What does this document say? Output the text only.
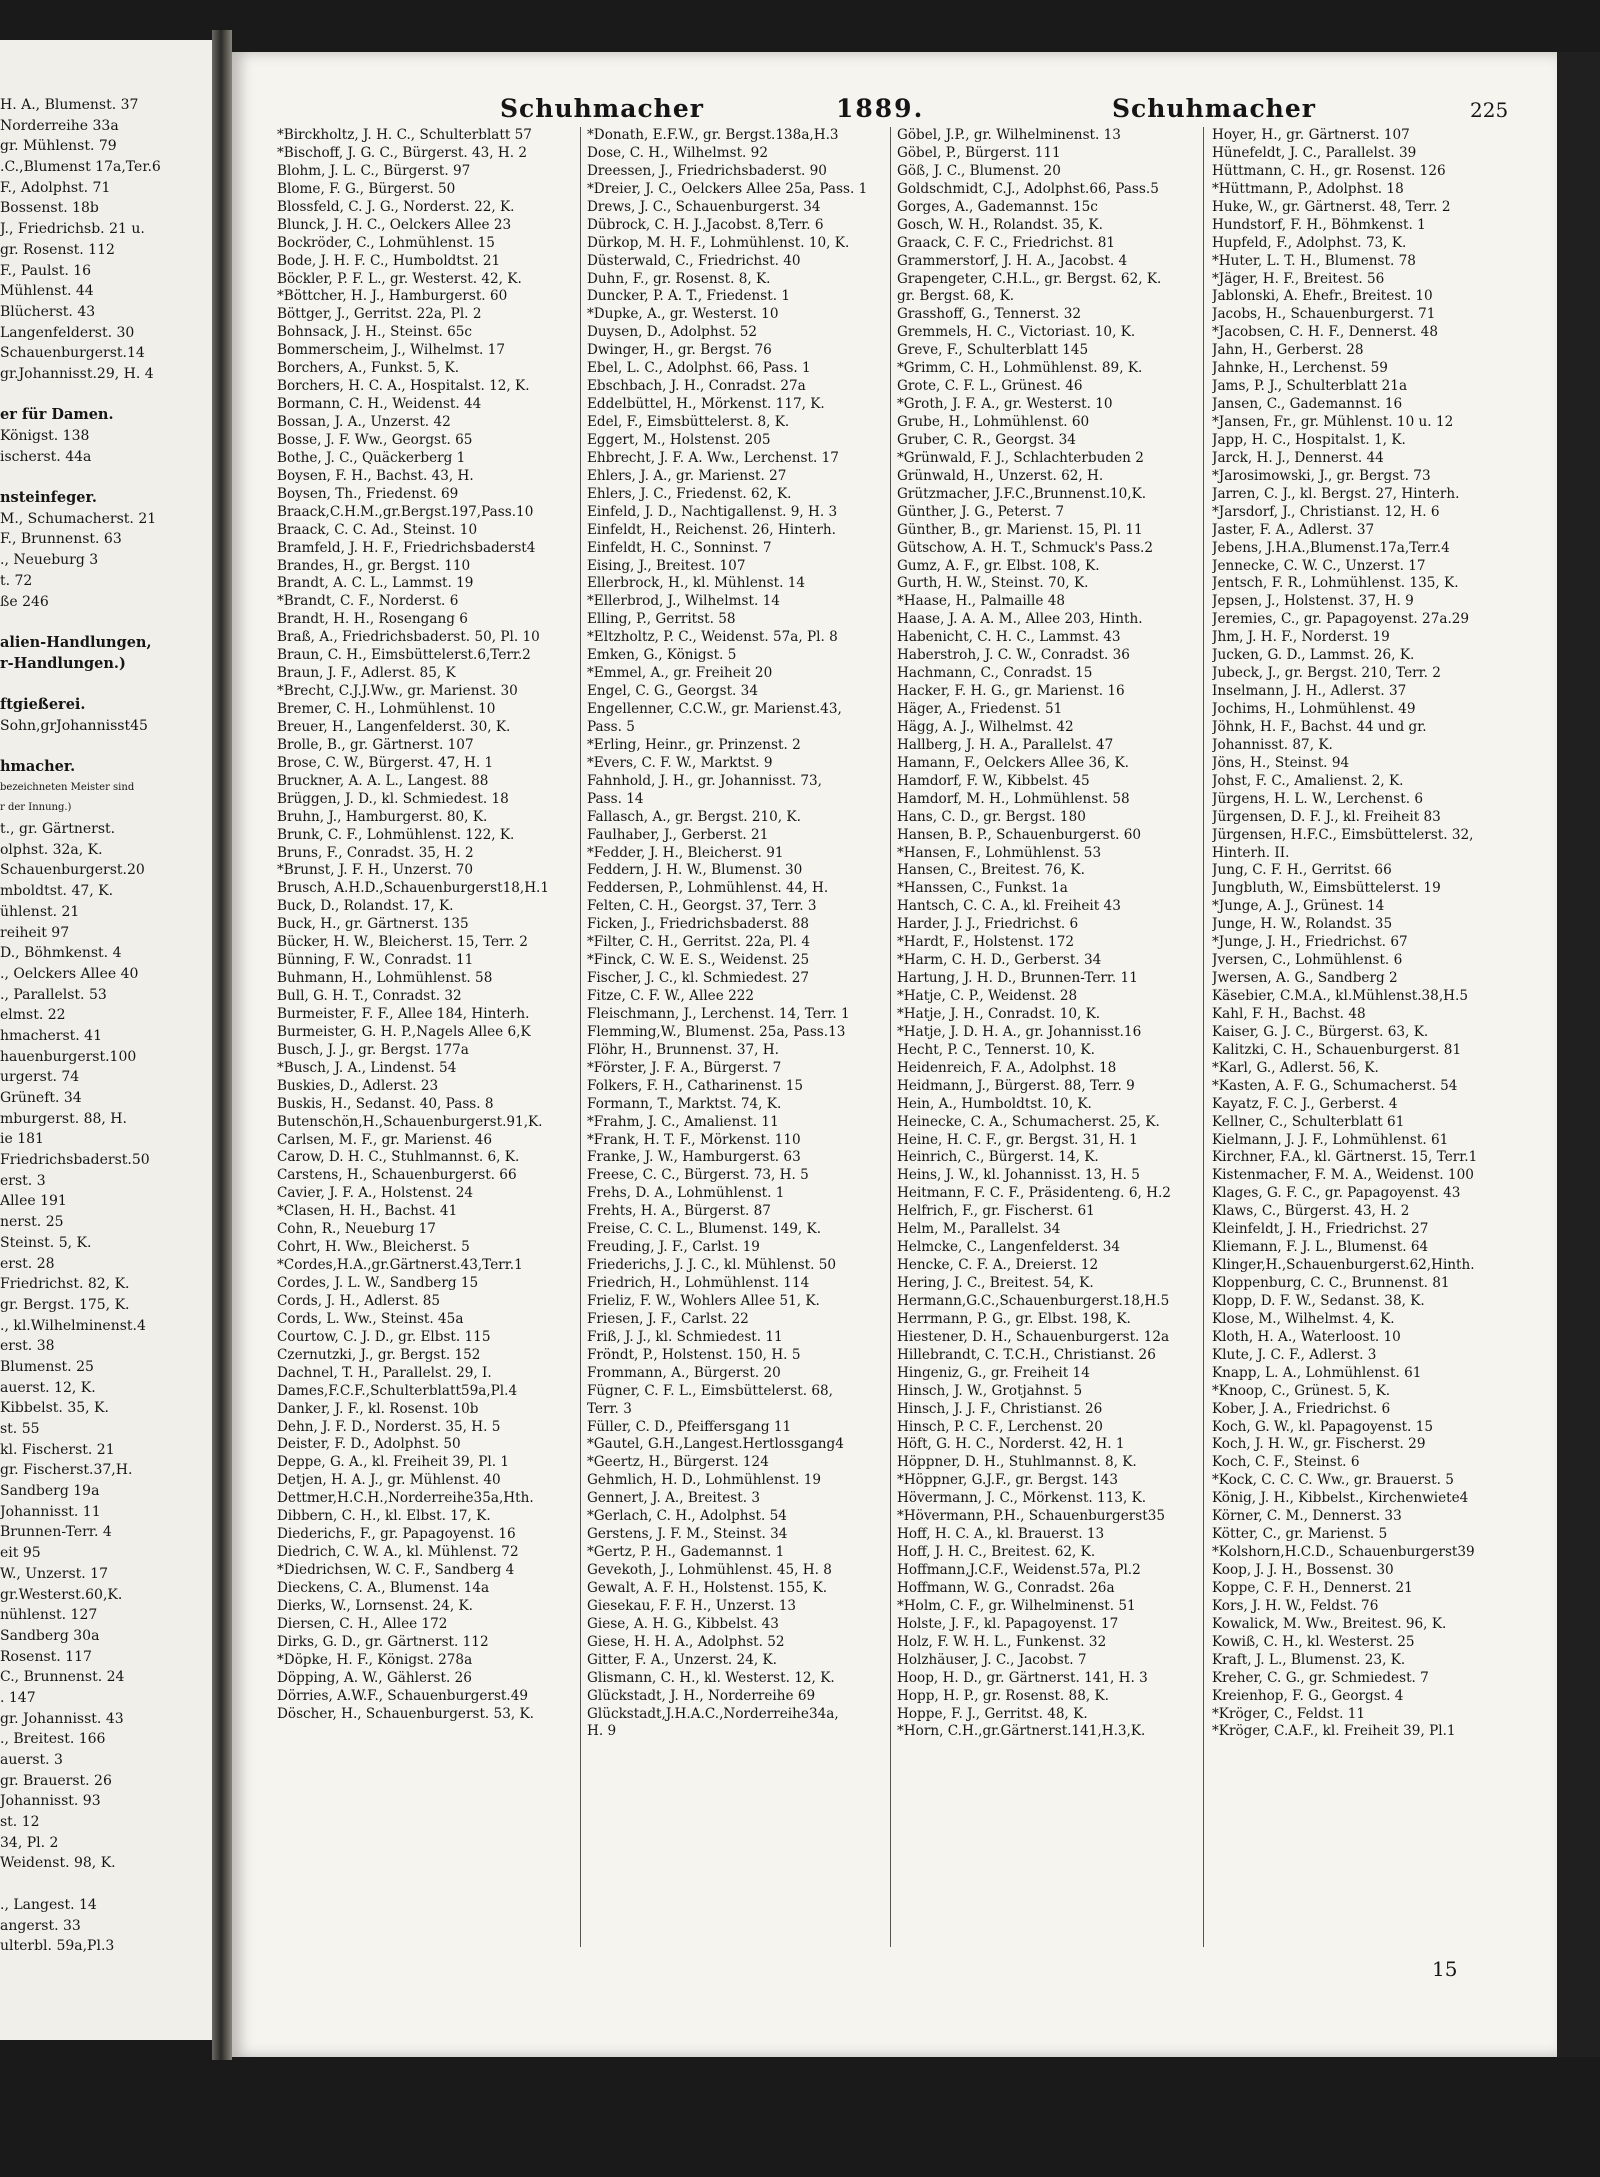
H. A., Blumenst. 37
Norderreihe 33a
gr. Mühlenst. 79
.C.,Blumenst 17a,Ter.6
F., Adolphst. 71
Bossenst. 18b
J., Friedrichsb. 21 u.
gr. Rosenst. 112
F., Paulst. 16
Mühlenst. 44
Blücherst. 43
Langenfelderst. 30
Schauenburgerst.14
gr.Johannisst.29, H. 4
er für Damen.
Königst. 138
ischerst. 44a
nsteinfeger.
M., Schumacherst. 21
F., Brunnenst. 63
., Neueburg 3
t. 72
ße 246
alien-Handlungen,
r-Handlungen.)
ftgießerei.
Sohn,grJohannisst45
hmacher.
bezeichneten Meister sind
r der Innung.)
t., gr. Gärtnerst.
olphst. 32a, K.
Schauenburgerst.20
mboldtst. 47, K.
ühlenst. 21
reiheit 97
D., Böhmkenst. 4
., Oelckers Allee 40
., Parallelst. 53
elmst. 22
hmacherst. 41
hauenburgerst.100
urgerst. 74
Grüneft. 34
mburgerst. 88, H.
ie 181
Friedrichsbaderst.50
erst. 3
Allee 191
nerst. 25
Steinst. 5, K.
erst. 28
Friedrichst. 82, K.
gr. Bergst. 175, K.
., kl.Wilhelminenst.4
erst. 38
Blumenst. 25
auerst. 12, K.
Kibbelst. 35, K.
st. 55
kl. Fischerst. 21
gr. Fischerst.37,H.
Sandberg 19a
Johannisst. 11
Brunnen-Terr. 4
eit 95
W., Unzerst. 17
gr.Westerst.60,K.
nühlenst. 127
Sandberg 30a
Rosenst. 117
C., Brunnenst. 24
. 147
gr. Johannisst. 43
., Breitest. 166
auerst. 3
gr. Brauerst. 26
Johannisst. 93
st. 12
34, Pl. 2
Weidenst. 98, K.
., Langest. 14
angerst. 33
ulterbl. 59a,Pl.3
Schuhmacher	1889.	Schuhmacher	225
*Birckholtz, J. H. C., Schulterblatt 57
*Bischoff, J. G. C., Bürgerst. 43, H. 2
Blohm, J. L. C., Bürgerst. 97
Blome, F. G., Bürgerst. 50
Blossfeld, C. J. G., Norderst. 22, K.
Blunck, J. H. C., Oelckers Allee 23
Bockröder, C., Lohmühlenst. 15
Bode, J. H. F. C., Humboldtst. 21
Böckler, P. F. L., gr. Westerst. 42, K.
*Böttcher, H. J., Hamburgerst. 60
Böttger, J., Gerritst. 22a, Pl. 2
Bohnsack, J. H., Steinst. 65c
Bommerscheim, J., Wilhelmst. 17
Borchers, A., Funkst. 5, K.
Borchers, H. C. A., Hospitalst. 12, K.
Bormann, C. H., Weidenst. 44
Bossan, J. A., Unzerst. 42
Bosse, J. F. Ww., Georgst. 65
Bothe, J. C., Quäckerberg 1
Boysen, F. H., Bachst. 43, H.
Boysen, Th., Friedenst. 69
Braack,C.H.M.,gr.Bergst.197,Pass.10
Braack, C. C. Ad., Steinst. 10
Bramfeld, J. H. F., Friedrichsbaderst4
Brandes, H., gr. Bergst. 110
Brandt, A. C. L., Lammst. 19
*Brandt, C. F., Norderst. 6
Brandt, H. H., Rosengang 6
Braß, A., Friedrichsbaderst. 50, Pl. 10
Braun, C. H., Eimsbüttelerst.6,Terr.2
Braun, J. F., Adlerst. 85, K
*Brecht, C.J.J.Ww., gr. Marienst. 30
Bremer, C. H., Lohmühlenst. 10
Breuer, H., Langenfelderst. 30, K.
Brolle, B., gr. Gärtnerst. 107
Brose, C. W., Bürgerst. 47, H. 1
Bruckner, A. A. L., Langest. 88
Brüggen, J. D., kl. Schmiedest. 18
Bruhn, J., Hamburgerst. 80, K.
Brunk, C. F., Lohmühlenst. 122, K.
Bruns, F., Conradst. 35, H. 2
*Brunst, J. F. H., Unzerst. 70
Brusch, A.H.D.,Schauenburgerst18,H.1
Buck, D., Rolandst. 17, K.
Buck, H., gr. Gärtnerst. 135
Bücker, H. W., Bleicherst. 15, Terr. 2
Bünning, F. W., Conradst. 11
Buhmann, H., Lohmühlenst. 58
Bull, G. H. T., Conradst. 32
Burmeister, F. F., Allee 184, Hinterh.
Burmeister, G. H. P.,Nagels Allee 6,K
Busch, J. J., gr. Bergst. 177a
*Busch, J. A., Lindenst. 54
Buskies, D., Adlerst. 23
Buskis, H., Sedanst. 40, Pass. 8
Butenschön,H.,Schauenburgerst.91,K.
Carlsen, M. F., gr. Marienst. 46
Carow, D. H. C., Stuhlmannst. 6, K.
Carstens, H., Schauenburgerst. 66
Cavier, J. F. A., Holstenst. 24
*Clasen, H. H., Bachst. 41
Cohn, R., Neueburg 17
Cohrt, H. Ww., Bleicherst. 5
*Cordes,H.A.,gr.Gärtnerst.43,Terr.1
Cordes, J. L. W., Sandberg 15
Cords, J. H., Adlerst. 85
Cords, L. Ww., Steinst. 45a
Courtow, C. J. D., gr. Elbst. 115
Czernutzki, J., gr. Bergst. 152
Dachnel, T. H., Parallelst. 29, I.
Dames,F.C.F.,Schulterblatt59a,Pl.4
Danker, J. F., kl. Rosenst. 10b
Dehn, J. F. D., Norderst. 35, H. 5
Deister, F. D., Adolphst. 50
Deppe, G. A., kl. Freiheit 39, Pl. 1
Detjen, H. A. J., gr. Mühlenst. 40
Dettmer,H.C.H.,Norderreihe35a,Hth.
Dibbern, C. H., kl. Elbst. 17, K.
Diederichs, F., gr. Papagoyenst. 16
Diedrich, C. W. A., kl. Mühlenst. 72
*Diedrichsen, W. C. F., Sandberg 4
Dieckens, C. A., Blumenst. 14a
Dierks, W., Lornsenst. 24, K.
Diersen, C. H., Allee 172
Dirks, G. D., gr. Gärtnerst. 112
*Döpke, H. F., Königst. 278a
Döpping, A. W., Gählerst. 26
Dörries, A.W.F., Schauenburgerst.49
Döscher, H., Schauenburgerst. 53, K.
*Donath, E.F.W., gr. Bergst.138a,H.3
Dose, C. H., Wilhelmst. 92
Dreessen, J., Friedrichsbaderst. 90
*Dreier, J. C., Oelckers Allee 25a, Pass. 1
Drews, J. C., Schauenburgerst. 34
Dübrock, C. H. J.,Jacobst. 8,Terr. 6
Dürkop, M. H. F., Lohmühlenst. 10, K.
Düsterwald, C., Friedrichst. 40
Duhn, F., gr. Rosenst. 8, K.
Duncker, P. A. T., Friedenst. 1
*Dupke, A., gr. Westerst. 10
Duysen, D., Adolphst. 52
Dwinger, H., gr. Bergst. 76
Ebel, L. C., Adolphst. 66, Pass. 1
Ebschbach, J. H., Conradst. 27a
Eddelbüttel, H., Mörkenst. 117, K.
Edel, F., Eimsbüttelerst. 8, K.
Eggert, M., Holstenst. 205
Ehbrecht, J. F. A. Ww., Lerchenst. 17
Ehlers, J. A., gr. Marienst. 27
Ehlers, J. C., Friedenst. 62, K.
Einfeld, J. D., Nachtigallenst. 9, H. 3
Einfeldt, H., Reichenst. 26, Hinterh.
Einfeldt, H. C., Sonninst. 7
Eising, J., Breitest. 107
Ellerbrock, H., kl. Mühlenst. 14
*Ellerbrod, J., Wilhelmst. 14
Elling, P., Gerritst. 58
*Eltzholtz, P. C., Weidenst. 57a, Pl. 8
Emken, G., Königst. 5
*Emmel, A., gr. Freiheit 20
Engel, C. G., Georgst. 34
Engellenner, C.C.W., gr. Marienst.43,
Pass. 5
*Erling, Heinr., gr. Prinzenst. 2
*Evers, C. F. W., Marktst. 9
Fahnhold, J. H., gr. Johannisst. 73,
Pass. 14
Fallasch, A., gr. Bergst. 210, K.
Faulhaber, J., Gerberst. 21
*Fedder, J. H., Bleicherst. 91
Feddern, J. H. W., Blumenst. 30
Feddersen, P., Lohmühlenst. 44, H.
Felten, C. H., Georgst. 37, Terr. 3
Ficken, J., Friedrichsbaderst. 88
*Filter, C. H., Gerritst. 22a, Pl. 4
*Finck, C. W. E. S., Weidenst. 25
Fischer, J. C., kl. Schmiedest. 27
Fitze, C. F. W., Allee 222
Fleischmann, J., Lerchenst. 14, Terr. 1
Flemming,W., Blumenst. 25a, Pass.13
Flöhr, H., Brunnenst. 37, H.
*Förster, J. F. A., Bürgerst. 7
Folkers, F. H., Catharinenst. 15
Formann, T., Marktst. 74, K.
*Frahm, J. C., Amalienst. 11
*Frank, H. T. F., Mörkenst. 110
Franke, J. W., Hamburgerst. 63
Freese, C. C., Bürgerst. 73, H. 5
Frehs, D. A., Lohmühlenst. 1
Frehts, H. A., Bürgerst. 87
Freise, C. C. L., Blumenst. 149, K.
Freuding, J. F., Carlst. 19
Friederichs, J. J. C., kl. Mühlenst. 50
Friedrich, H., Lohmühlenst. 114
Frieliz, F. W., Wohlers Allee 51, K.
Friesen, J. F., Carlst. 22
Friß, J. J., kl. Schmiedest. 11
Fröndt, P., Holstenst. 150, H. 5
Frommann, A., Bürgerst. 20
Fügner, C. F. L., Eimsbüttelerst. 68,
Terr. 3
Füller, C. D., Pfeiffersgang 11
*Gautel, G.H.,Langest.Hertlossgang4
*Geertz, H., Bürgerst. 124
Gehmlich, H. D., Lohmühlenst. 19
Gennert, J. A., Breitest. 3
*Gerlach, C. H., Adolphst. 54
Gerstens, J. F. M., Steinst. 34
*Gertz, P. H., Gademannst. 1
Gevekoth, J., Lohmühlenst. 45, H. 8
Gewalt, A. F. H., Holstenst. 155, K.
Giesekau, F. F. H., Unzerst. 13
Giese, A. H. G., Kibbelst. 43
Giese, H. H. A., Adolphst. 52
Gitter, F. A., Unzerst. 24, K.
Glismann, C. H., kl. Westerst. 12, K.
Glückstadt, J. H., Norderreihe 69
Glückstadt,J.H.A.C.,Norderreihe34a,
H. 9
Göbel, J.P., gr. Wilhelminenst. 13
Göbel, P., Bürgerst. 111
Göß, J. C., Blumenst. 20
Goldschmidt, C.J., Adolphst.66, Pass.5
Gorges, A., Gademannst. 15c
Gosch, W. H., Rolandst. 35, K.
Graack, C. F. C., Friedrichst. 81
Grammerstorf, J. H. A., Jacobst. 4
Grapengeter, C.H.L., gr. Bergst. 62, K.
gr. Bergst. 68, K.
Grasshoff, G., Tennerst. 32
Gremmels, H. C., Victoriast. 10, K.
Greve, F., Schulterblatt 145
*Grimm, C. H., Lohmühlenst. 89, K.
Grote, C. F. L., Grünest. 46
*Groth, J. F. A., gr. Westerst. 10
Grube, H., Lohmühlenst. 60
Gruber, C. R., Georgst. 34
*Grünwald, F. J., Schlachterbuden 2
Grünwald, H., Unzerst. 62, H.
Grützmacher, J.F.C.,Brunnenst.10,K.
Günther, J. G., Peterst. 7
Günther, B., gr. Marienst. 15, Pl. 11
Gütschow, A. H. T., Schmuck's Pass.2
Gumz, A. F., gr. Elbst. 108, K.
Gurth, H. W., Steinst. 70, K.
*Haase, H., Palmaille 48
Haase, J. A. A. M., Allee 203, Hinth.
Habenicht, C. H. C., Lammst. 43
Haberstroh, J. C. W., Conradst. 36
Hachmann, C., Conradst. 15
Hacker, F. H. G., gr. Marienst. 16
Häger, A., Friedenst. 51
Hägg, A. J., Wilhelmst. 42
Hallberg, J. H. A., Parallelst. 47
Hamann, F., Oelckers Allee 36, K.
Hamdorf, F. W., Kibbelst. 45
Hamdorf, M. H., Lohmühlenst. 58
Hans, C. D., gr. Bergst. 180
Hansen, B. P., Schauenburgerst. 60
*Hansen, F., Lohmühlenst. 53
Hansen, C., Breitest. 76, K.
*Hanssen, C., Funkst. 1a
Hantsch, C. C. A., kl. Freiheit 43
Harder, J. J., Friedrichst. 6
*Hardt, F., Holstenst. 172
*Harm, C. H. D., Gerberst. 34
Hartung, J. H. D., Brunnen-Terr. 11
*Hatje, C. P., Weidenst. 28
*Hatje, J. H., Conradst. 10, K.
*Hatje, J. D. H. A., gr. Johannisst.16
Hecht, P. C., Tennerst. 10, K.
Heidenreich, F. A., Adolphst. 18
Heidmann, J., Bürgerst. 88, Terr. 9
Hein, A., Humboldtst. 10, K.
Heinecke, C. A., Schumacherst. 25, K.
Heine, H. C. F., gr. Bergst. 31, H. 1
Heinrich, C., Bürgerst. 14, K.
Heins, J. W., kl. Johannisst. 13, H. 5
Heitmann, F. C. F., Präsidenteng. 6, H.2
Helfrich, F., gr. Fischerst. 61
Helm, M., Parallelst. 34
Helmcke, C., Langenfelderst. 34
Hencke, C. F. A., Dreierst. 12
Hering, J. C., Breitest. 54, K.
Hermann,G.C.,Schauenburgerst.18,H.5
Herrmann, P. G., gr. Elbst. 198, K.
Hiestener, D. H., Schauenburgerst. 12a
Hillebrandt, C. T.C.H., Christianst. 26
Hingeniz, G., gr. Freiheit 14
Hinsch, J. W., Grotjahnst. 5
Hinsch, J. J. F., Christianst. 26
Hinsch, P. C. F., Lerchenst. 20
Höft, G. H. C., Norderst. 42, H. 1
Höppner, D. H., Stuhlmannst. 8, K.
*Höppner, G.J.F., gr. Bergst. 143
Hövermann, J. C., Mörkenst. 113, K.
*Hövermann, P.H., Schauenburgerst35
Hoff, H. C. A., kl. Brauerst. 13
Hoff, J. H. C., Breitest. 62, K.
Hoffmann,J.C.F., Weidenst.57a, Pl.2
Hoffmann, W. G., Conradst. 26a
*Holm, C. F., gr. Wilhelminenst. 51
Holste, J. F., kl. Papagoyenst. 17
Holz, F. W. H. L., Funkenst. 32
Holzhäuser, J. C., Jacobst. 7
Hoop, H. D., gr. Gärtnerst. 141, H. 3
Hopp, H. P., gr. Rosenst. 88, K.
Hoppe, F. J., Gerritst. 48, K.
*Horn, C.H.,gr.Gärtnerst.141,H.3,K.
Hoyer, H., gr. Gärtnerst. 107
Hünefeldt, J. C., Parallelst. 39
Hüttmann, C. H., gr. Rosenst. 126
*Hüttmann, P., Adolphst. 18
Huke, W., gr. Gärtnerst. 48, Terr. 2
Hundstorf, F. H., Böhmkenst. 1
Hupfeld, F., Adolphst. 73, K.
*Huter, L. T. H., Blumenst. 78
*Jäger, H. F., Breitest. 56
Jablonski, A. Ehefr., Breitest. 10
Jacobs, H., Schauenburgerst. 71
*Jacobsen, C. H. F., Dennerst. 48
Jahn, H., Gerberst. 28
Jahnke, H., Lerchenst. 59
Jams, P. J., Schulterblatt 21a
Jansen, C., Gademannst. 16
*Jansen, Fr., gr. Mühlenst. 10 u. 12
Japp, H. C., Hospitalst. 1, K.
Jarck, H. J., Dennerst. 44
*Jarosimowski, J., gr. Bergst. 73
Jarren, C. J., kl. Bergst. 27, Hinterh.
*Jarsdorf, J., Christianst. 12, H. 6
Jaster, F. A., Adlerst. 37
Jebens, J.H.A.,Blumenst.17a,Terr.4
Jennecke, C. W. C., Unzerst. 17
Jentsch, F. R., Lohmühlenst. 135, K.
Jepsen, J., Holstenst. 37, H. 9
Jeremies, C., gr. Papagoyenst. 27a.29
Jhm, J. H. F., Norderst. 19
Jucken, G. D., Lammst. 26, K.
Jubeck, J., gr. Bergst. 210, Terr. 2
Inselmann, J. H., Adlerst. 37
Jochims, H., Lohmühlenst. 49
Jöhnk, H. F., Bachst. 44 und gr.
Johannisst. 87, K.
Jöns, H., Steinst. 94
Johst, F. C., Amalienst. 2, K.
Jürgens, H. L. W., Lerchenst. 6
Jürgensen, D. F. J., kl. Freiheit 83
Jürgensen, H.F.C., Eimsbüttelerst. 32,
Hinterh. II.
Jung, C. F. H., Gerritst. 66
Jungbluth, W., Eimsbüttelerst. 19
*Junge, A. J., Grünest. 14
Junge, H. W., Rolandst. 35
*Junge, J. H., Friedrichst. 67
Jversen, C., Lohmühlenst. 6
Jwersen, A. G., Sandberg 2
Käsebier, C.M.A., kl.Mühlenst.38,H.5
Kahl, F. H., Bachst. 48
Kaiser, G. J. C., Bürgerst. 63, K.
Kalitzki, C. H., Schauenburgerst. 81
*Karl, G., Adlerst. 56, K.
*Kasten, A. F. G., Schumacherst. 54
Kayatz, F. C. J., Gerberst. 4
Kellner, C., Schulterblatt 61
Kielmann, J. J. F., Lohmühlenst. 61
Kirchner, F.A., kl. Gärtnerst. 15, Terr.1
Kistenmacher, F. M. A., Weidenst. 100
Klages, G. F. C., gr. Papagoyenst. 43
Klaws, C., Bürgerst. 43, H. 2
Kleinfeldt, J. H., Friedrichst. 27
Kliemann, F. J. L., Blumenst. 64
Klinger,H.,Schauenburgerst.62,Hinth.
Kloppenburg, C. C., Brunnenst. 81
Klopp, D. F. W., Sedanst. 38, K.
Klose, M., Wilhelmst. 4, K.
Kloth, H. A., Waterloost. 10
Klute, J. C. F., Adlerst. 3
Knapp, L. A., Lohmühlenst. 61
*Knoop, C., Grünest. 5, K.
Kober, J. A., Friedrichst. 6
Koch, G. W., kl. Papagoyenst. 15
Koch, J. H. W., gr. Fischerst. 29
Koch, C. F., Steinst. 6
*Kock, C. C. C. Ww., gr. Brauerst. 5
König, J. H., Kibbelst., Kirchenwiete4
Körner, C. M., Dennerst. 33
Kötter, C., gr. Marienst. 5
*Kolshorn,H.C.D., Schauenburgerst39
Koop, J. J. H., Bossenst. 30
Koppe, C. F. H., Dennerst. 21
Kors, J. H. W., Feldst. 76
Kowalick, M. Ww., Breitest. 96, K.
Kowiß, C. H., kl. Westerst. 25
Kraft, J. L., Blumenst. 23, K.
Kreher, C. G., gr. Schmiedest. 7
Kreienhop, F. G., Georgst. 4
*Kröger, C., Feldst. 11
*Kröger, C.A.F., kl. Freiheit 39, Pl.1
15
